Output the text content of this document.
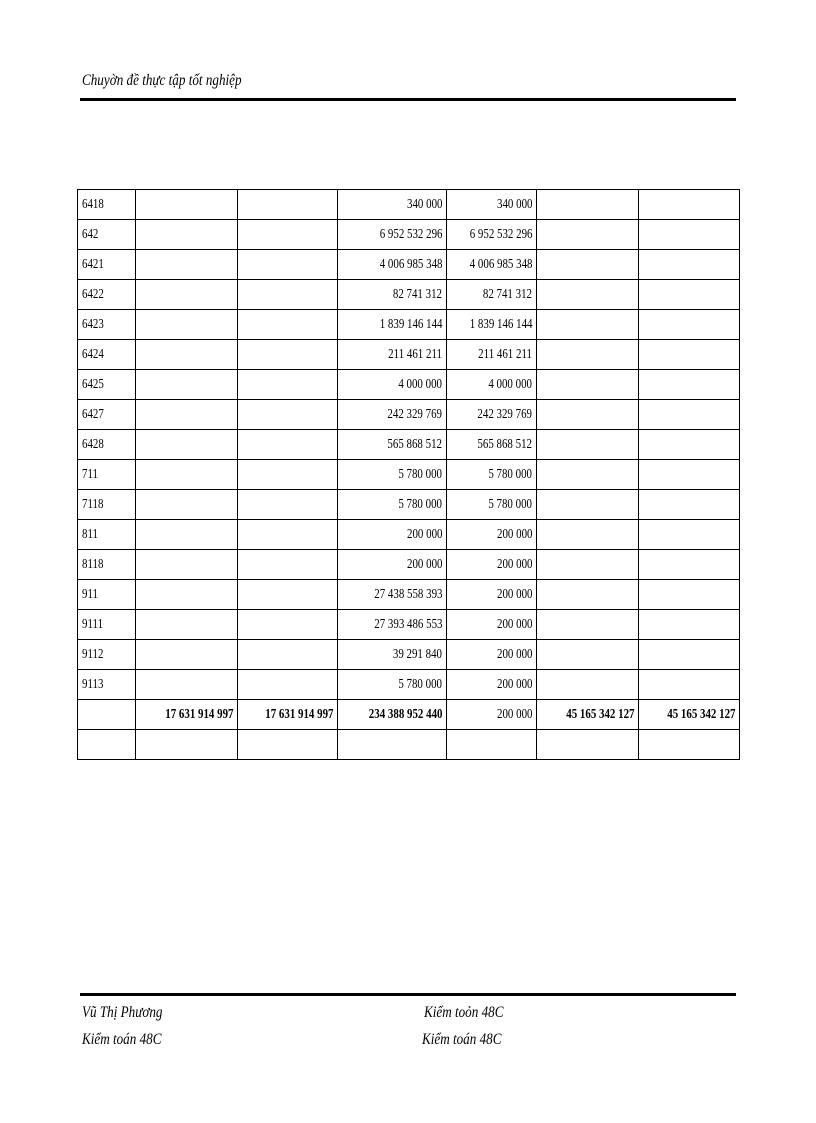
Chuyờn đề thực tập tốt nghiệp
6418			340 000	340 000		
642			6 952 532 296	6 952 532 296		
6421			4 006 985 348	4 006 985 348		
6422			82 741 312	82 741 312		
6423			1 839 146 144	1 839 146 144		
6424			211 461 211	211 461 211		
6425			4 000 000	4 000 000		
6427			242 329 769	242 329 769		
6428			565 868 512	565 868 512		
711			5 780 000	5 780 000		
7118			5 780 000	5 780 000		
811			200 000	200 000		
8118			200 000	200 000		
911			27 438 558 393	200 000		
9111			27 393 486 553	200 000		
9112			39 291 840	200 000		
9113			5 780 000	200 000		
	17 631 914 997	17 631 914 997	234 388 952 440	200 000	45 165 342 127	45 165 342 127

Vũ Thị Phương
Kiểm toán 48C
Kiểm toỏn 48C
Kiểm toán 48C
